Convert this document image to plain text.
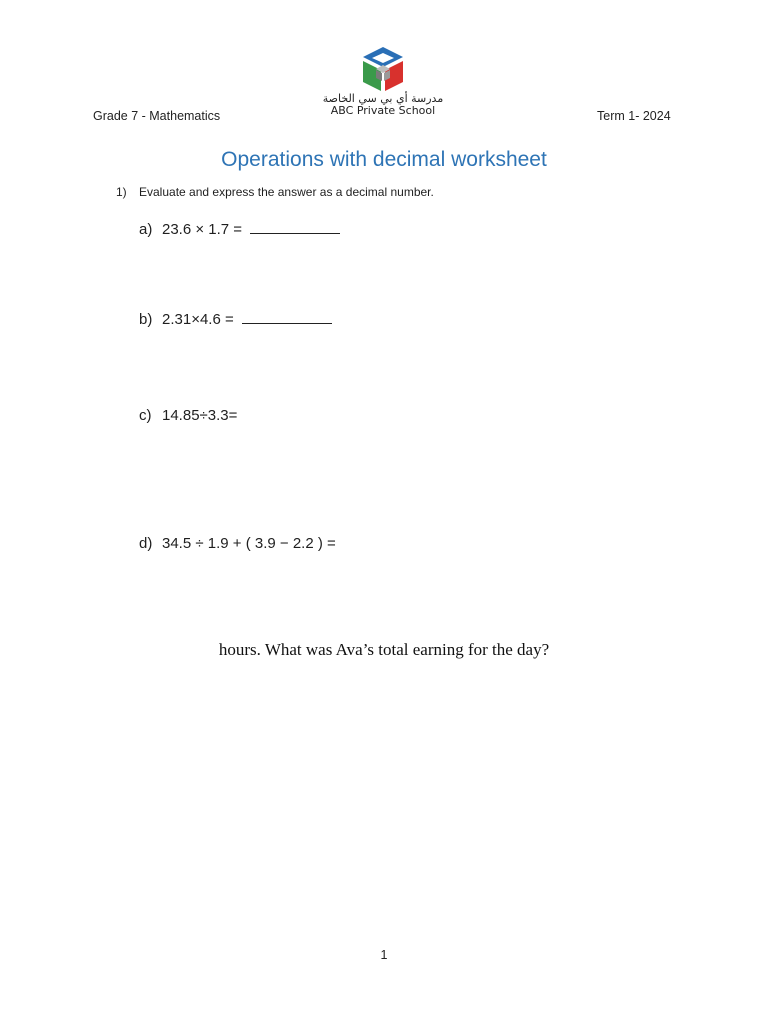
مدرسة أي بي سي الخاصة
ABC Private School
Grade 7 - Mathematics	Term 1- 2024
Operations with decimal worksheet
1) Evaluate and express the answer as a decimal number.
a) 23.6 × 1.7 =
b) 2.31×4.6 =
c) 14.85÷3.3=
d) 34.5 ÷ 1.9 + ( 3.9 − 2.2 ) =
hours. What was Ava’s total earning for the day?
1
